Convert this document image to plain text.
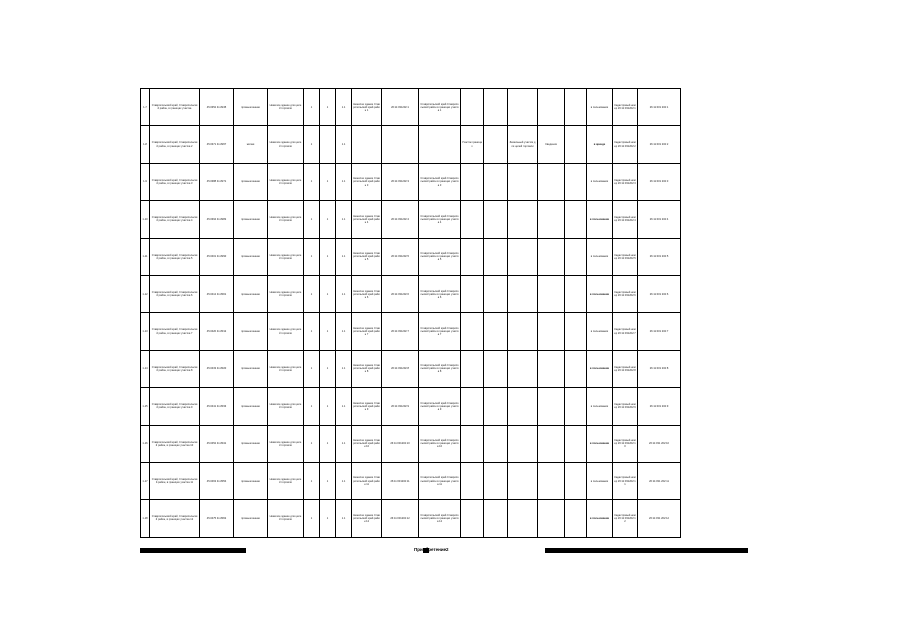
1-7	Ставропольский край, Ставропольский район, в границах участка	45.0352 41.8245	промышленная	Нежилое здание для целей торговли	1	1	1.1	Нежилое здание Ставропольский край район 1	26:11:031202:1	Ставропольский край Ставропольский район в границах участка 1						в пользовании	Кадастровый номер 26:11:031202:1	26:11:031 202:1
1-8	Ставропольский край, Ставропольский район, в границах участка 2	45.0371 41.8267	жилая	Нежилое здание для целей торговли	1		1.1				Участок границах		Земельный участок для целей торговли	Сведения		в аренде	Кадастровый номер 26:11:031202:2	26:11:031 202:2
1-9	Ставропольский край, Ставропольский район, в границах участка 3	45.0388 41.8271	промышленная	Нежилое здание для целей торговли	1	1	1.1	Нежилое здание Ставропольский край район 3	26:11:031202:3	Ставропольский край Ставропольский район в границах участка 3						в пользовании	Кадастровый номер 26:11:031202:3	26:11:031 202:3
1-10	Ставропольский край, Ставропольский район, в границах участка 4	45.0394 41.8282	промышленная	Нежилое здание для целей торговли	1	1	1.1	Нежилое здание Ставропольский край район 4	26:11:031202:4	Ставропольский край Ставропольский район в границах участка 4						в пользовании	Кадастровый номер 26:11:031202:4	26:11:031 202:4
1-11	Ставропольский край, Ставропольский район, в границах участка 5	45.0401 41.8290	промышленная	Нежилое здание для целей торговли	1	1	1.1	Нежилое здание Ставропольский край район 5	26:11:031202:5	Ставропольский край Ставропольский район в границах участка 5						в пользовании	Кадастровый номер 26:11:031202:5	26:11:031 202:5
1-12	Ставропольский край, Ставропольский район, в границах участка 6	45.0412 41.8301	промышленная	Нежилое здание для целей торговли	1	1	1.1	Нежилое здание Ставропольский край район 6	26:11:031202:6	Ставропольский край Ставропольский район в границах участка 6						в пользовании	Кадастровый номер 26:11:031202:6	26:11:031 202:6
1-13	Ставропольский край, Ставропольский район, в границах участка 7	45.0420 41.8312	промышленная	Нежилое здание для целей торговли	1	1	1.1	Нежилое здание Ставропольский край район 7	26:11:031202:7	Ставропольский край Ставропольский район в границах участка 7						в пользовании	Кадастровый номер 26:11:031202:7	26:11:031 202:7
1-14	Ставропольский край, Ставропольский район, в границах участка 8	45.0433 41.8320	промышленная	Нежилое здание для целей торговли	1	1	1.1	Нежилое здание Ставропольский край район 8	26:11:031202:8	Ставропольский край Ставропольский район в границах участка 8						в пользовании	Кадастровый номер 26:11:031202:8	26:11:031 202:8
1-15	Ставропольский край, Ставропольский район, в границах участка 9	45.0441 41.8333	промышленная	Нежилое здание для целей торговли	1	1	1.1	Нежилое здание Ставропольский край район 9	26:11:031202:9	Ставропольский край Ставропольский район в границах участка 9						в пользовании	Кадастровый номер 26:11:031202:9	26:11:031 202:9
1-16	Ставропольский край, Ставропольский район, в границах участка 10	45.0452 41.8341	промышленная	Нежилое здание для целей торговли	1	1	1.1	Нежилое здание Ставропольский край район 10	26:11:031202:10	Ставропольский край Ставропольский район в границах участка 10						в пользовании	Кадастровый номер 26:11:031202:10	26:11:031 202:10
1-17	Ставропольский край, Ставропольский район, в границах участка 11	45.0463 41.8354	промышленная	Нежилое здание для целей торговли	1	1	1.1	Нежилое здание Ставропольский край район 11	26:11:031202:11	Ставропольский край Ставропольский район в границах участка 11						в пользовании	Кадастровый номер 26:11:031202:11	26:11:031 202:11
1-18	Ставропольский край, Ставропольский район, в границах участка 12	45.0475 41.8362	промышленная	Нежилое здание для целей торговли	1	1	1.1	Нежилое здание Ставропольский край район 12	26:11:031202:12	Ставропольский край Ставропольский район в границах участка 12						в пользовании	Кадастровый номер 26:11:031202:12	26:11:031 202:12
Приобретение 2
